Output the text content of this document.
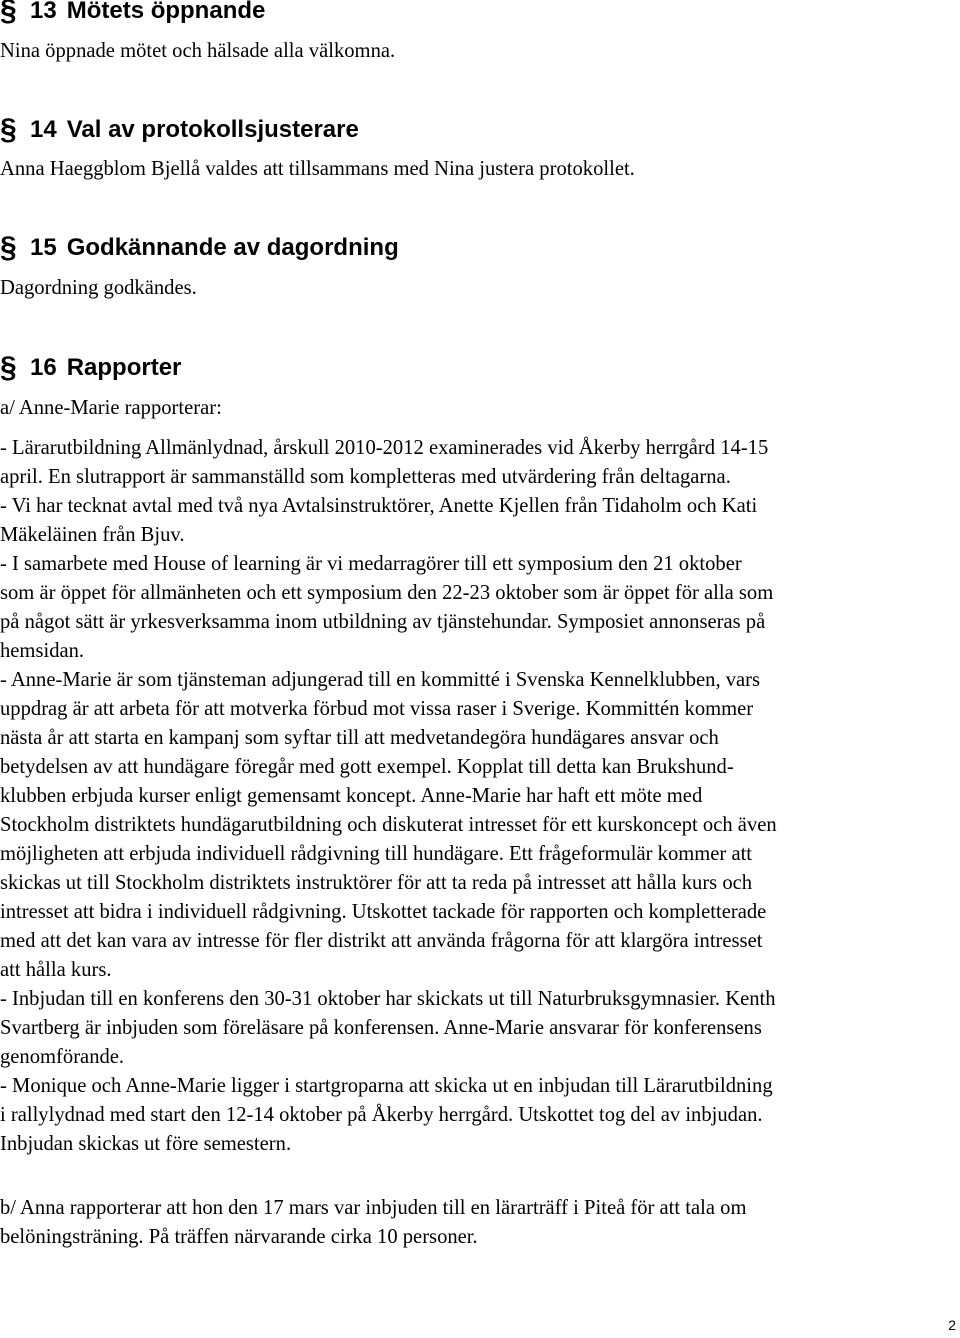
§ 13 Mötets öppnande
Nina öppnade mötet och hälsade alla välkomna.
§ 14 Val av protokollsjusterare
Anna Haeggblom Bjellå valdes att tillsammans med Nina justera protokollet.
§ 15 Godkännande av dagordning
Dagordning godkändes.
§ 16 Rapporter
a/ Anne-Marie rapporterar:
- Lärarutbildning Allmänlydnad, årskull 2010-2012 examinerades vid Åkerby herrgård 14-15
april. En slutrapport är sammanställd som kompletteras med utvärdering från deltagarna.
- Vi har tecknat avtal med två nya Avtalsinstruktörer, Anette Kjellen från Tidaholm och Kati
Mäkeläinen från Bjuv.
- I samarbete med House of learning är vi medarragörer till ett symposium den 21 oktober
som är öppet för allmänheten och ett symposium den 22-23 oktober som är öppet för alla som
på något sätt är yrkesverksamma inom utbildning av tjänstehundar. Symposiet annonseras på
hemsidan.
- Anne-Marie är som tjänsteman adjungerad till en kommitté i Svenska Kennelklubben, vars
uppdrag är att arbeta för att motverka förbud mot vissa raser i Sverige. Kommittén kommer
nästa år att starta en kampanj som syftar till att medvetandegöra hundägares ansvar och
betydelsen av att hundägare föregår med gott exempel. Kopplat till detta kan Brukshund-
klubben erbjuda kurser enligt gemensamt koncept. Anne-Marie har haft ett möte med
Stockholm distriktets hundägarutbildning och diskuterat intresset för ett kurskoncept och även
möjligheten att erbjuda individuell rådgivning till hundägare. Ett frågeformulär kommer att
skickas ut till Stockholm distriktets instruktörer för att ta reda på intresset att hålla kurs och
intresset att bidra i individuell rådgivning. Utskottet tackade för rapporten och kompletterade
med att det kan vara av intresse för fler distrikt att använda frågorna för att klargöra intresset
att hålla kurs.
- Inbjudan till en konferens den 30-31 oktober har skickats ut till Naturbruksgymnasier. Kenth
Svartberg är inbjuden som föreläsare på konferensen. Anne-Marie ansvarar för konferensens
genomförande.
- Monique och Anne-Marie ligger i startgroparna att skicka ut en inbjudan till Lärarutbildning
i rallylydnad med start den 12-14 oktober på Åkerby herrgård. Utskottet tog del av inbjudan.
Inbjudan skickas ut före semestern.
b/ Anna rapporterar att hon den 17 mars var inbjuden till en lärarträff i Piteå för att tala om
belöningsträning. På träffen närvarande cirka 10 personer.
2
